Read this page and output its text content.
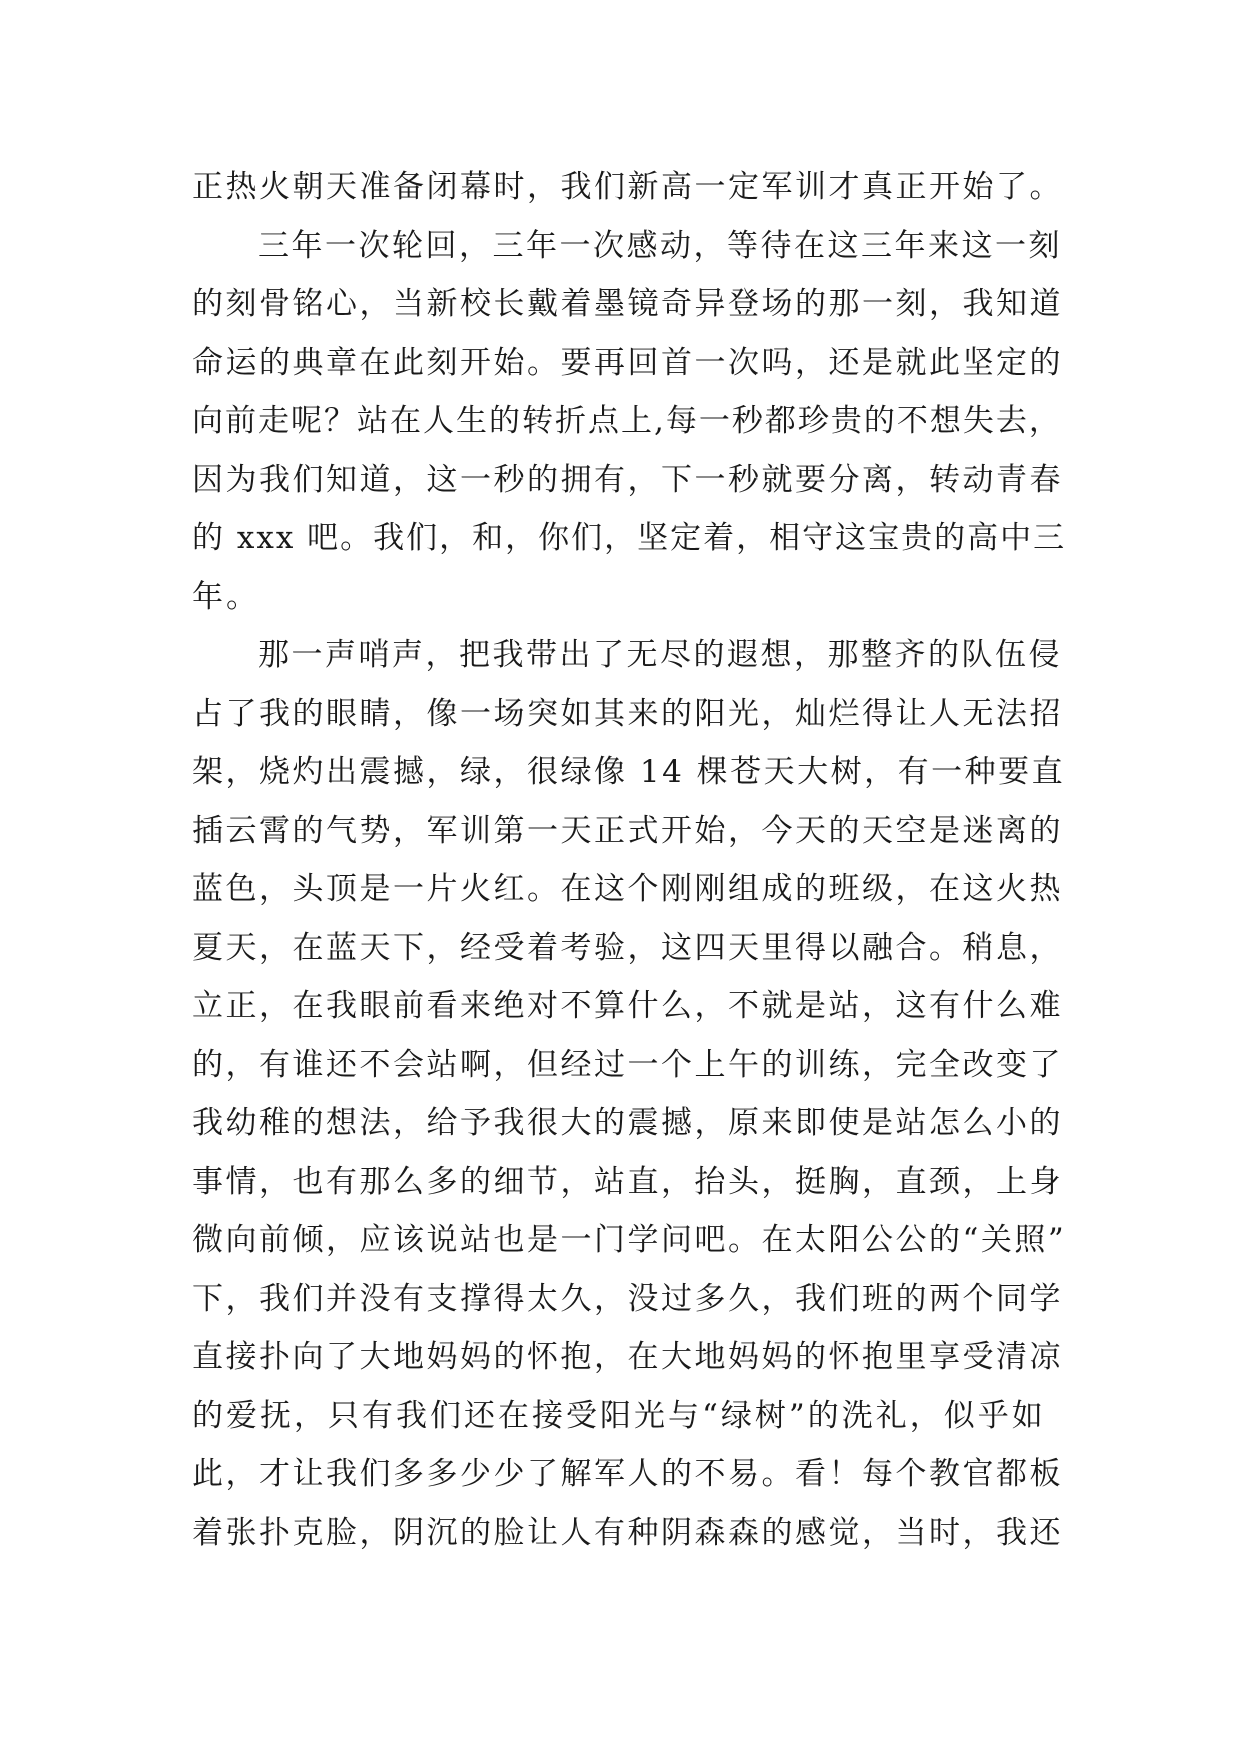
正热火朝天准备闭幕时，我们新高一定军训才真正开始了。
三年一次轮回，三年一次感动，等待在这三年来这一刻
的刻骨铭心，当新校长戴着墨镜奇异登场的那一刻，我知道
命运的典章在此刻开始。要再回首一次吗，还是就此坚定的
向前走呢？站在人生的转折点上,每一秒都珍贵的不想失去，
因为我们知道，这一秒的拥有，下一秒就要分离，转动青春
的 xxx 吧。我们，和，你们，坚定着，相守这宝贵的高中三
年。
那一声哨声，把我带出了无尽的遐想，那整齐的队伍侵
占了我的眼睛，像一场突如其来的阳光，灿烂得让人无法招
架，烧灼出震撼，绿，很绿像 14 棵苍天大树，有一种要直
插云霄的气势，军训第一天正式开始，今天的天空是迷离的
蓝色，头顶是一片火红。在这个刚刚组成的班级，在这火热
夏天，在蓝天下，经受着考验，这四天里得以融合。稍息，
立正，在我眼前看来绝对不算什么，不就是站，这有什么难
的，有谁还不会站啊，但经过一个上午的训练，完全改变了
我幼稚的想法，给予我很大的震撼，原来即使是站怎么小的
事情，也有那么多的细节，站直，抬头，挺胸，直颈，上身
微向前倾，应该说站也是一门学问吧。在太阳公公的“关照”
下，我们并没有支撑得太久，没过多久，我们班的两个同学
直接扑向了大地妈妈的怀抱，在大地妈妈的怀抱里享受清凉
的爱抚，只有我们还在接受阳光与“绿树”的洗礼，似乎如
此，才让我们多多少少了解军人的不易。看！每个教官都板
着张扑克脸，阴沉的脸让人有种阴森森的感觉，当时，我还
